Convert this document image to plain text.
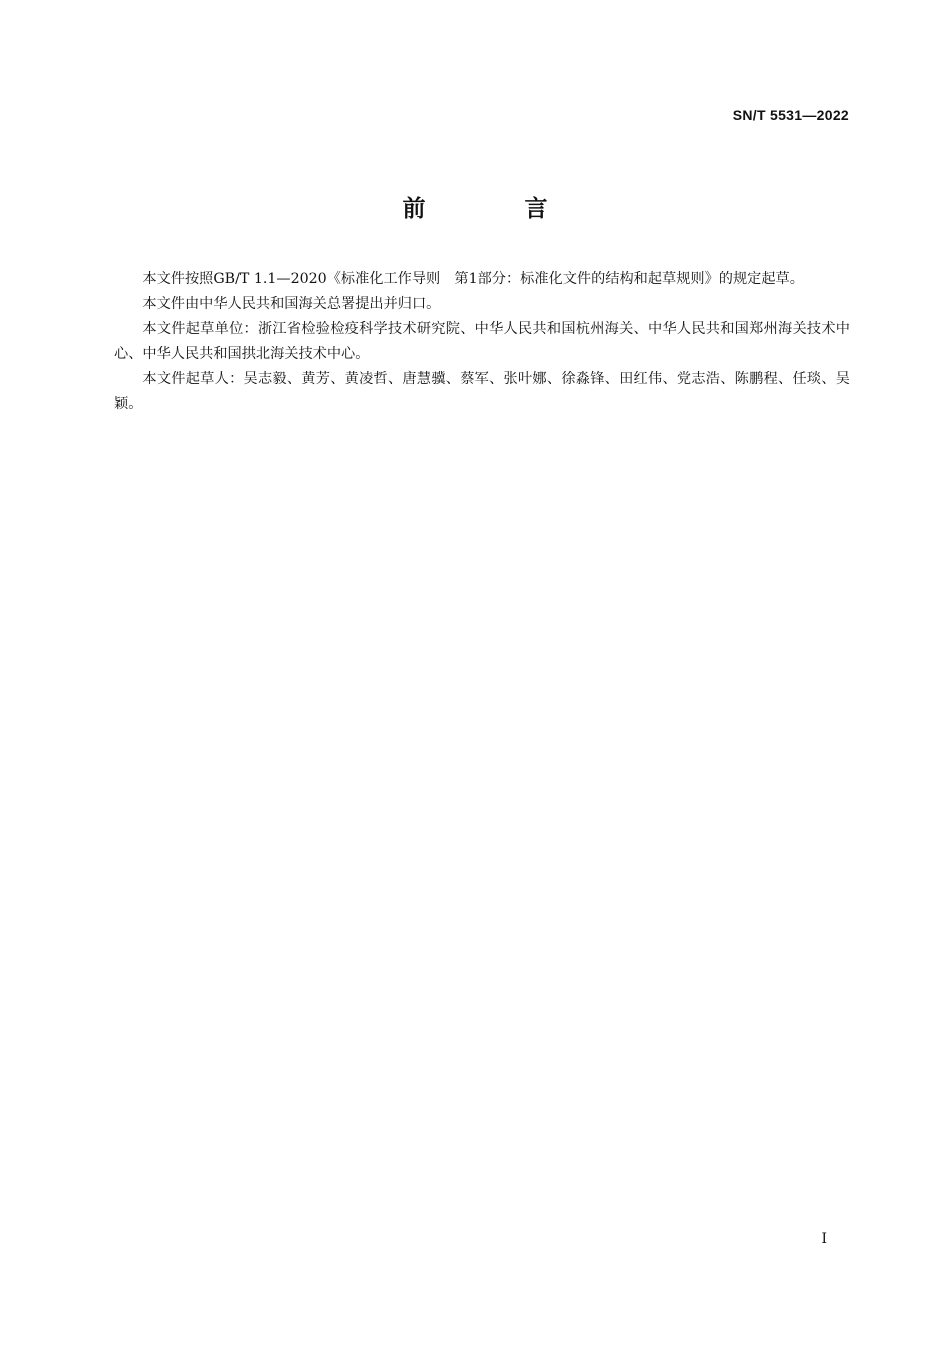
SN/T 5531—2022
前　言

本文件按照GB/T 1.1—2020《标准化工作导则　第1部分：标准化文件的结构和起草规则》的规定起草。

本文件由中华人民共和国海关总署提出并归口。

本文件起草单位：浙江省检验检疫科学技术研究院、中华人民共和国杭州海关、中华人民共和国郑州海关技术中心、中华人民共和国拱北海关技术中心。

本文件起草人：吴志毅、黄芳、黄凌哲、唐慧骥、蔡军、张叶娜、徐淼锋、田红伟、党志浩、陈鹏程、任琰、吴颖。

I
